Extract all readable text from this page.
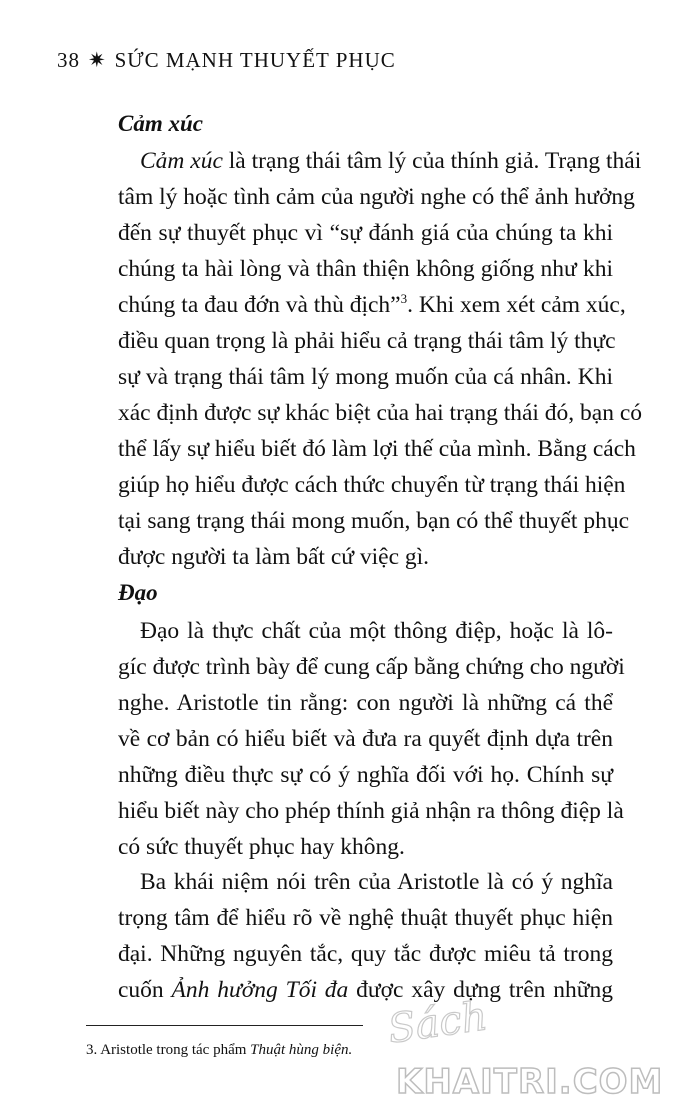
38 ✷ SỨC MẠNH THUYẾT PHỤC
Cảm xúc
Cảm xúc là trạng thái tâm lý của thính giả. Trạng thái
tâm lý hoặc tình cảm của người nghe có thể ảnh hưởng
đến sự thuyết phục vì “sự đánh giá của chúng ta khi
chúng ta hài lòng và thân thiện không giống như khi
chúng ta đau đớn và thù địch”$^3$. Khi xem xét cảm xúc,
điều quan trọng là phải hiểu cả trạng thái tâm lý thực
sự và trạng thái tâm lý mong muốn của cá nhân. Khi
xác định được sự khác biệt của hai trạng thái đó, bạn có
thể lấy sự hiểu biết đó làm lợi thế của mình. Bằng cách
giúp họ hiểu được cách thức chuyển từ trạng thái hiện
tại sang trạng thái mong muốn, bạn có thể thuyết phục
được người ta làm bất cứ việc gì.
Đạo
Đạo là thực chất của một thông điệp, hoặc là lô-
gíc được trình bày để cung cấp bằng chứng cho người
nghe. Aristotle tin rằng: con người là những cá thể
về cơ bản có hiểu biết và đưa ra quyết định dựa trên
những điều thực sự có ý nghĩa đối với họ. Chính sự
hiểu biết này cho phép thính giả nhận ra thông điệp là
có sức thuyết phục hay không.
Ba khái niệm nói trên của Aristotle là có ý nghĩa
trọng tâm để hiểu rõ về nghệ thuật thuyết phục hiện
đại. Những nguyên tắc, quy tắc được miêu tả trong
cuốn Ảnh hưởng Tối đa được xây dựng trên những
3. Aristotle trong tác phẩm Thuật hùng biện. Sách
KHAITRI.COM
